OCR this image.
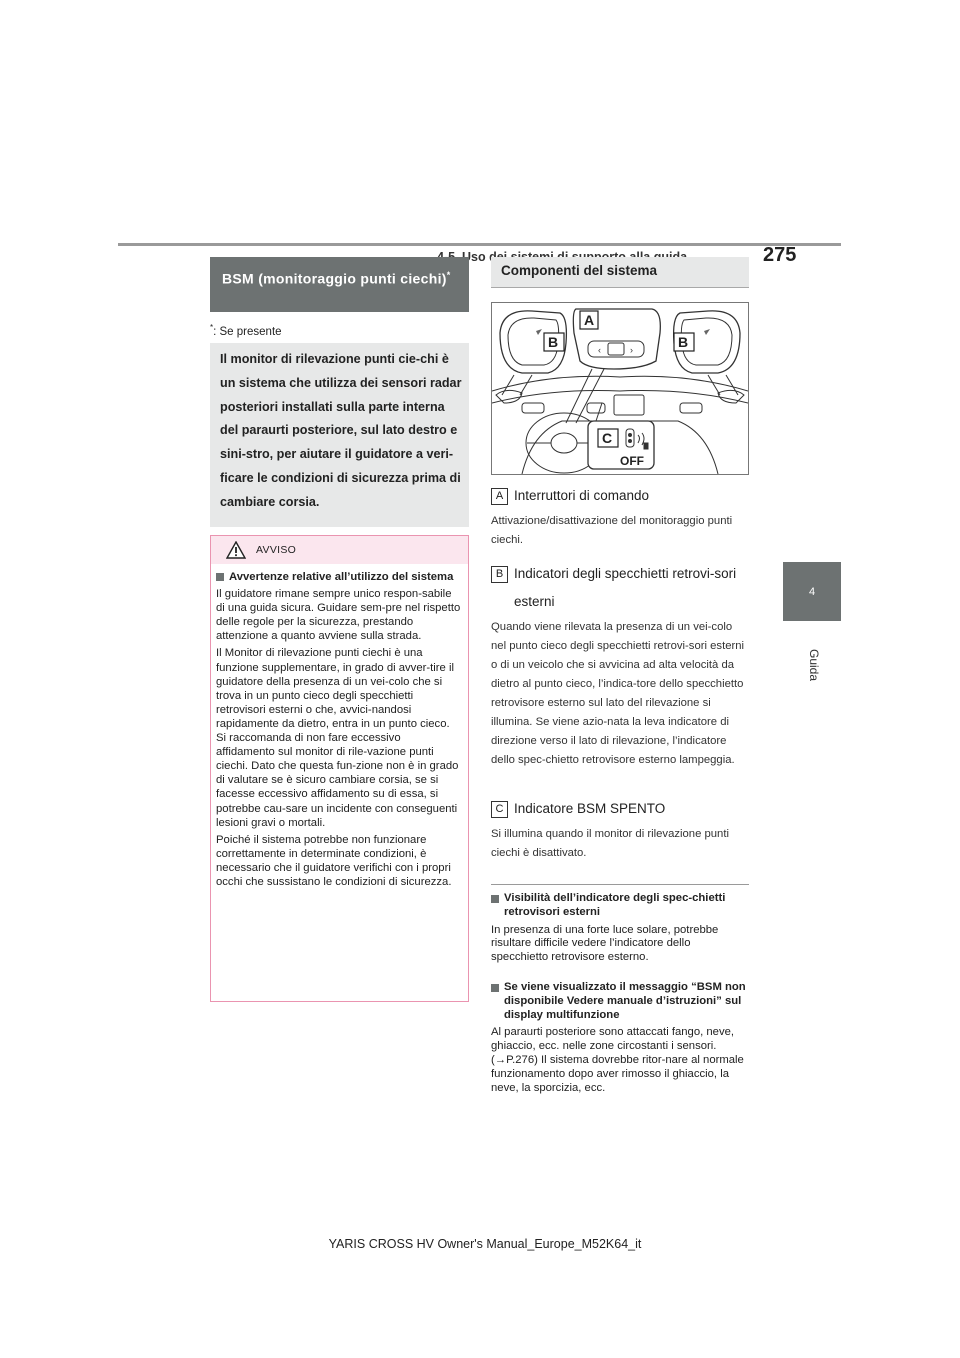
Uso	275
4
Guida
BSM (monitoraggio punti ciechi)*
*: Se presente
Il monitor di rilevazione punti cie-chi è un sistema che utilizza dei sensori radar posteriori installati sulla parte interna del paraurti posteriore, sul lato destro e sini-stro, per aiutare il guidatore a veri-ficare le condizioni di sicurezza prima di cambiare corsia.
AVVISO
Avvertenze relative all’utilizzo del sistema

Il guidatore rimane sempre unico respon-sabile di una guida sicura. Guidare sem-pre nel rispetto delle regole per la sicurezza, prestando attenzione a quanto avviene sulla strada.

Il Monitor di rilevazione punti ciechi è una funzione supplementare, in grado di avver-tire il guidatore della presenza di un vei-colo che si trova in un punto cieco degli specchietti retrovisori esterni o che, avvici-nandosi rapidamente da dietro, entra in un punto cieco. Si raccomanda di non fare eccessivo affidamento sul monitor di rile-vazione punti ciechi. Dato che questa fun-zione non è in grado di valutare se è sicuro cambiare corsia, se si facesse eccessivo affidamento su di essa, si potrebbe cau-sare un incidente con conseguenti lesioni gravi o mortali.

Poiché il sistema potrebbe non funzionare correttamente in determinate condizioni, è necessario che il guidatore verifichi con i propri occhi che sussistano le condizioni di sicurezza.

Componenti del sistema
‹	›
A
B	B
C
OFF
A Interruttori di comando
Attivazione/disattivazione del monitoraggio punti ciechi.
B Indicatori degli specchietti retrovi-sori esterni
Quando viene rilevata la presenza di un vei-colo nel punto cieco degli specchietti retrovi-sori esterni o di un veicolo che si avvicina ad alta velocità da dietro al punto cieco, l’indica-tore dello specchietto retrovisore esterno sul lato del rilevazione si illumina. Se viene azio-nata la leva indicatore di direzione verso il lato di rilevazione, l’indicatore dello spec-chietto retrovisore esterno lampeggia.
C Indicatore BSM SPENTO
Si illumina quando il monitor di rilevazione punti ciechi è disattivato.
Visibilità dell’indicatore degli spec-chietti retrovisori esterni
In presenza di una forte luce solare, potrebbe risultare difficile vedere l’indicatore dello specchietto retrovisore esterno.
Se viene visualizzato il messaggio “BSM non disponibile Vedere manuale d’istruzioni” sul display multifunzione
Al paraurti posteriore sono attaccati fango, neve, ghiaccio, ecc. nelle zone circostanti i sensori. (→P.276) Il sistema dovrebbe ritor-nare al normale funzionamento dopo aver rimosso il ghiaccio, la neve, la sporcizia, ecc.
YARIS CROSS HV Owner's Manual_Europe_M52K64_it
